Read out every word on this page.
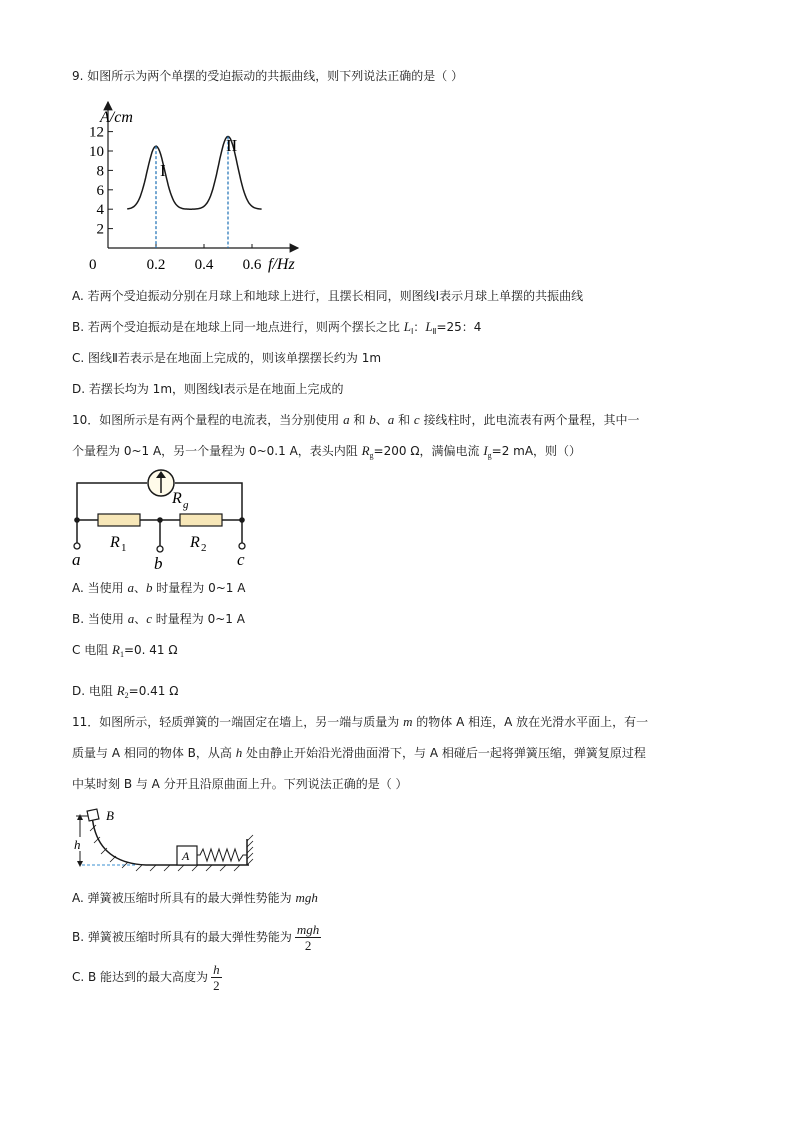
9. 如图所示为两个单摆的受迫振动的共振曲线，则下列说法正确的是（ ）
A/cm
f/Hz
0
12
10
8
6
4
2
0.2 0.4 0.6
I
II
A. 若两个受迫振动分别在月球上和地球上进行，且摆长相同，则图线Ⅰ表示月球上单摆的共振曲线
B. 若两个受迫振动是在地球上同一地点进行，则两个摆长之比 $L_Ⅰ$：$L_Ⅱ=25$：4
C. 图线Ⅱ若表示是在地面上完成的，则该单摆摆长约为 1m
D. 若摆长均为 1m，则图线Ⅰ表示是在地面上完成的
10．如图所示是有两个量程的电流表，当分别使用 a 和 b、a 和 c 接线柱时，此电流表有两个量程，其中一
个量程为 0~1 A，另一个量程为 0~0.1 A，表头内阻 $R_g=200$ Ω，满偏电流 $I_g=2$ mA，则（）
R g
R 1	R 2
a	b	c
A. 当使用 a、b 时量程为 0~1 A
B. 当使用 a、c 时量程为 0~1 A
C 电阻 $R_1=0$. 41 Ω
D. 电阻 $R_2=0.41$ Ω
11．如图所示，轻质弹簧的一端固定在墙上，另一端与质量为 m 的物体 A 相连，A 放在光滑水平面上，有一
质量与 A 相同的物体 B，从高 h 处由静止开始沿光滑曲面滑下，与 A 相碰后一起将弹簧压缩，弹簧复原过程
中某时刻 B 与 A 分开且沿原曲面上升。下列说法正确的是（ ）
h
B
A
A. 弹簧被压缩时所具有的最大弹性势能为 mgh
B. 弹簧被压缩时所具有的最大弹性势能为 $\frac{\text{mgh}}{2}$
C. B 能达到的最大高度为 $\frac{h}{2}$
